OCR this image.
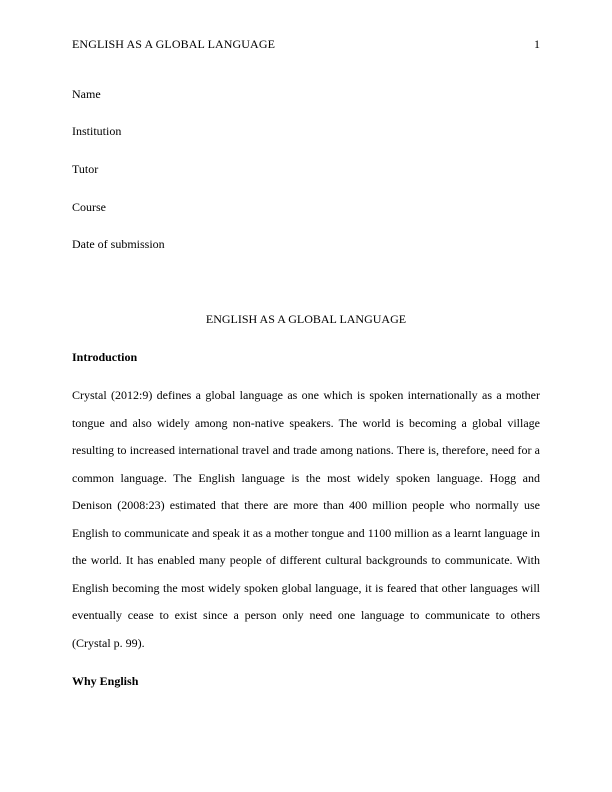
ENGLISH AS A GLOBAL LANGUAGE	1
Name
Institution
Tutor
Course
Date of submission
ENGLISH AS A GLOBAL LANGUAGE
Introduction
Crystal (2012:9) defines a global language as one which is spoken internationally as a mother
tongue and also widely among non-native speakers. The world is becoming a global village
resulting to increased international travel and trade among nations. There is, therefore, need for a
common language. The English language is the most widely spoken language. Hogg and
Denison (2008:23) estimated that there are more than 400 million people who normally use
English to communicate and speak it as a mother tongue and 1100 million as a learnt language in
the world. It has enabled many people of different cultural backgrounds to communicate. With
English becoming the most widely spoken global language, it is feared that other languages will
eventually cease to exist since a person only need one language to communicate to others
(Crystal p. 99).
Why English
